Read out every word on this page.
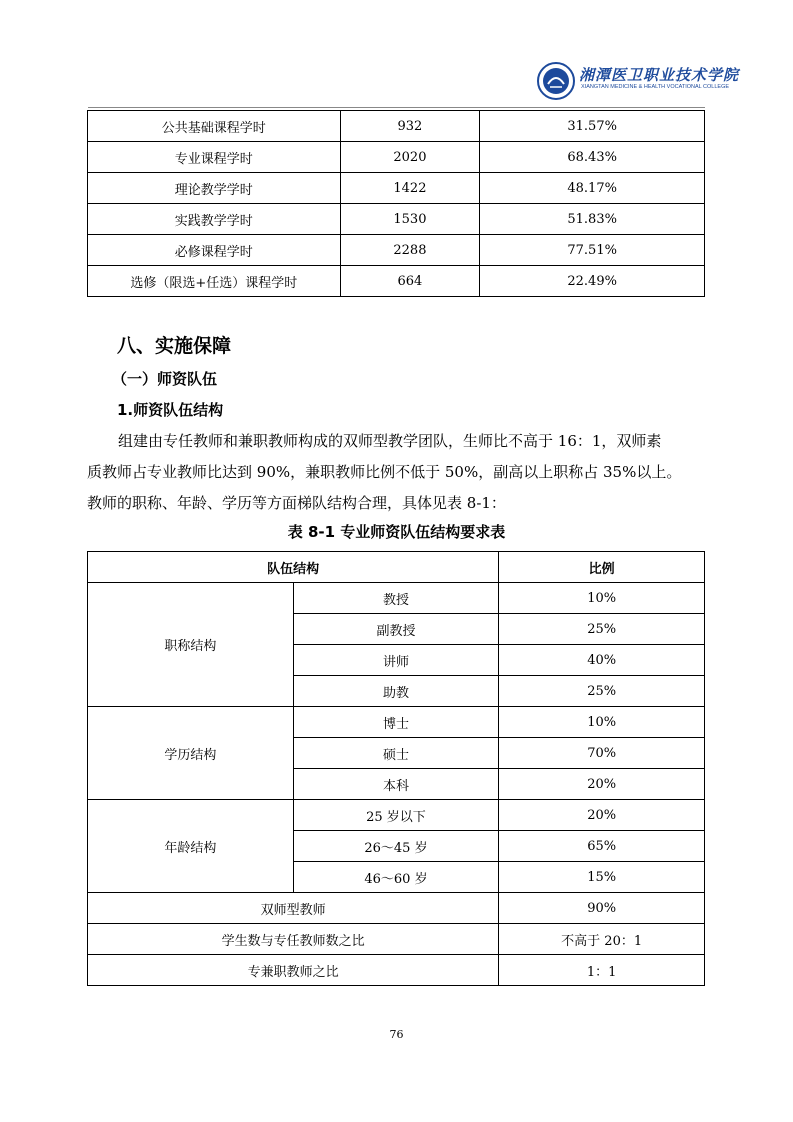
湘潭医卫职业技术学院
XIANGTAN MEDICINE & HEALTH VOCATIONAL COLLEGE
公共基础课程学时	932	31.57%
专业课程学时	2020	68.43%
理论教学学时	1422	48.17%
实践教学学时	1530	51.83%
必修课程学时	2288	77.51%
选修（限选+任选）课程学时	664	22.49%
八、实施保障
（一）师资队伍
1.师资队伍结构

组建由专任教师和兼职教师构成的双师型教学团队，生师比不高于 16：1，双师素

质教师占专业教师比达到 90%，兼职教师比例不低于 50%，副高以上职称占 35%以上。

教师的职称、年龄、学历等方面梯队结构合理，具体见表 8-1：

表 8-1 专业师资队伍结构要求表
队伍结构		比例
职称结构	教授	10%
	副教授	25%
	讲师	40%
	助教	25%
学历结构	博士	10%
	硕士	70%
	本科	20%
年龄结构	25 岁以下	20%
	26～45 岁	65%
	46～60 岁	15%
双师型教师		90%
学生数与专任教师数之比		不高于 20：1
专兼职教师之比		1：1
76
